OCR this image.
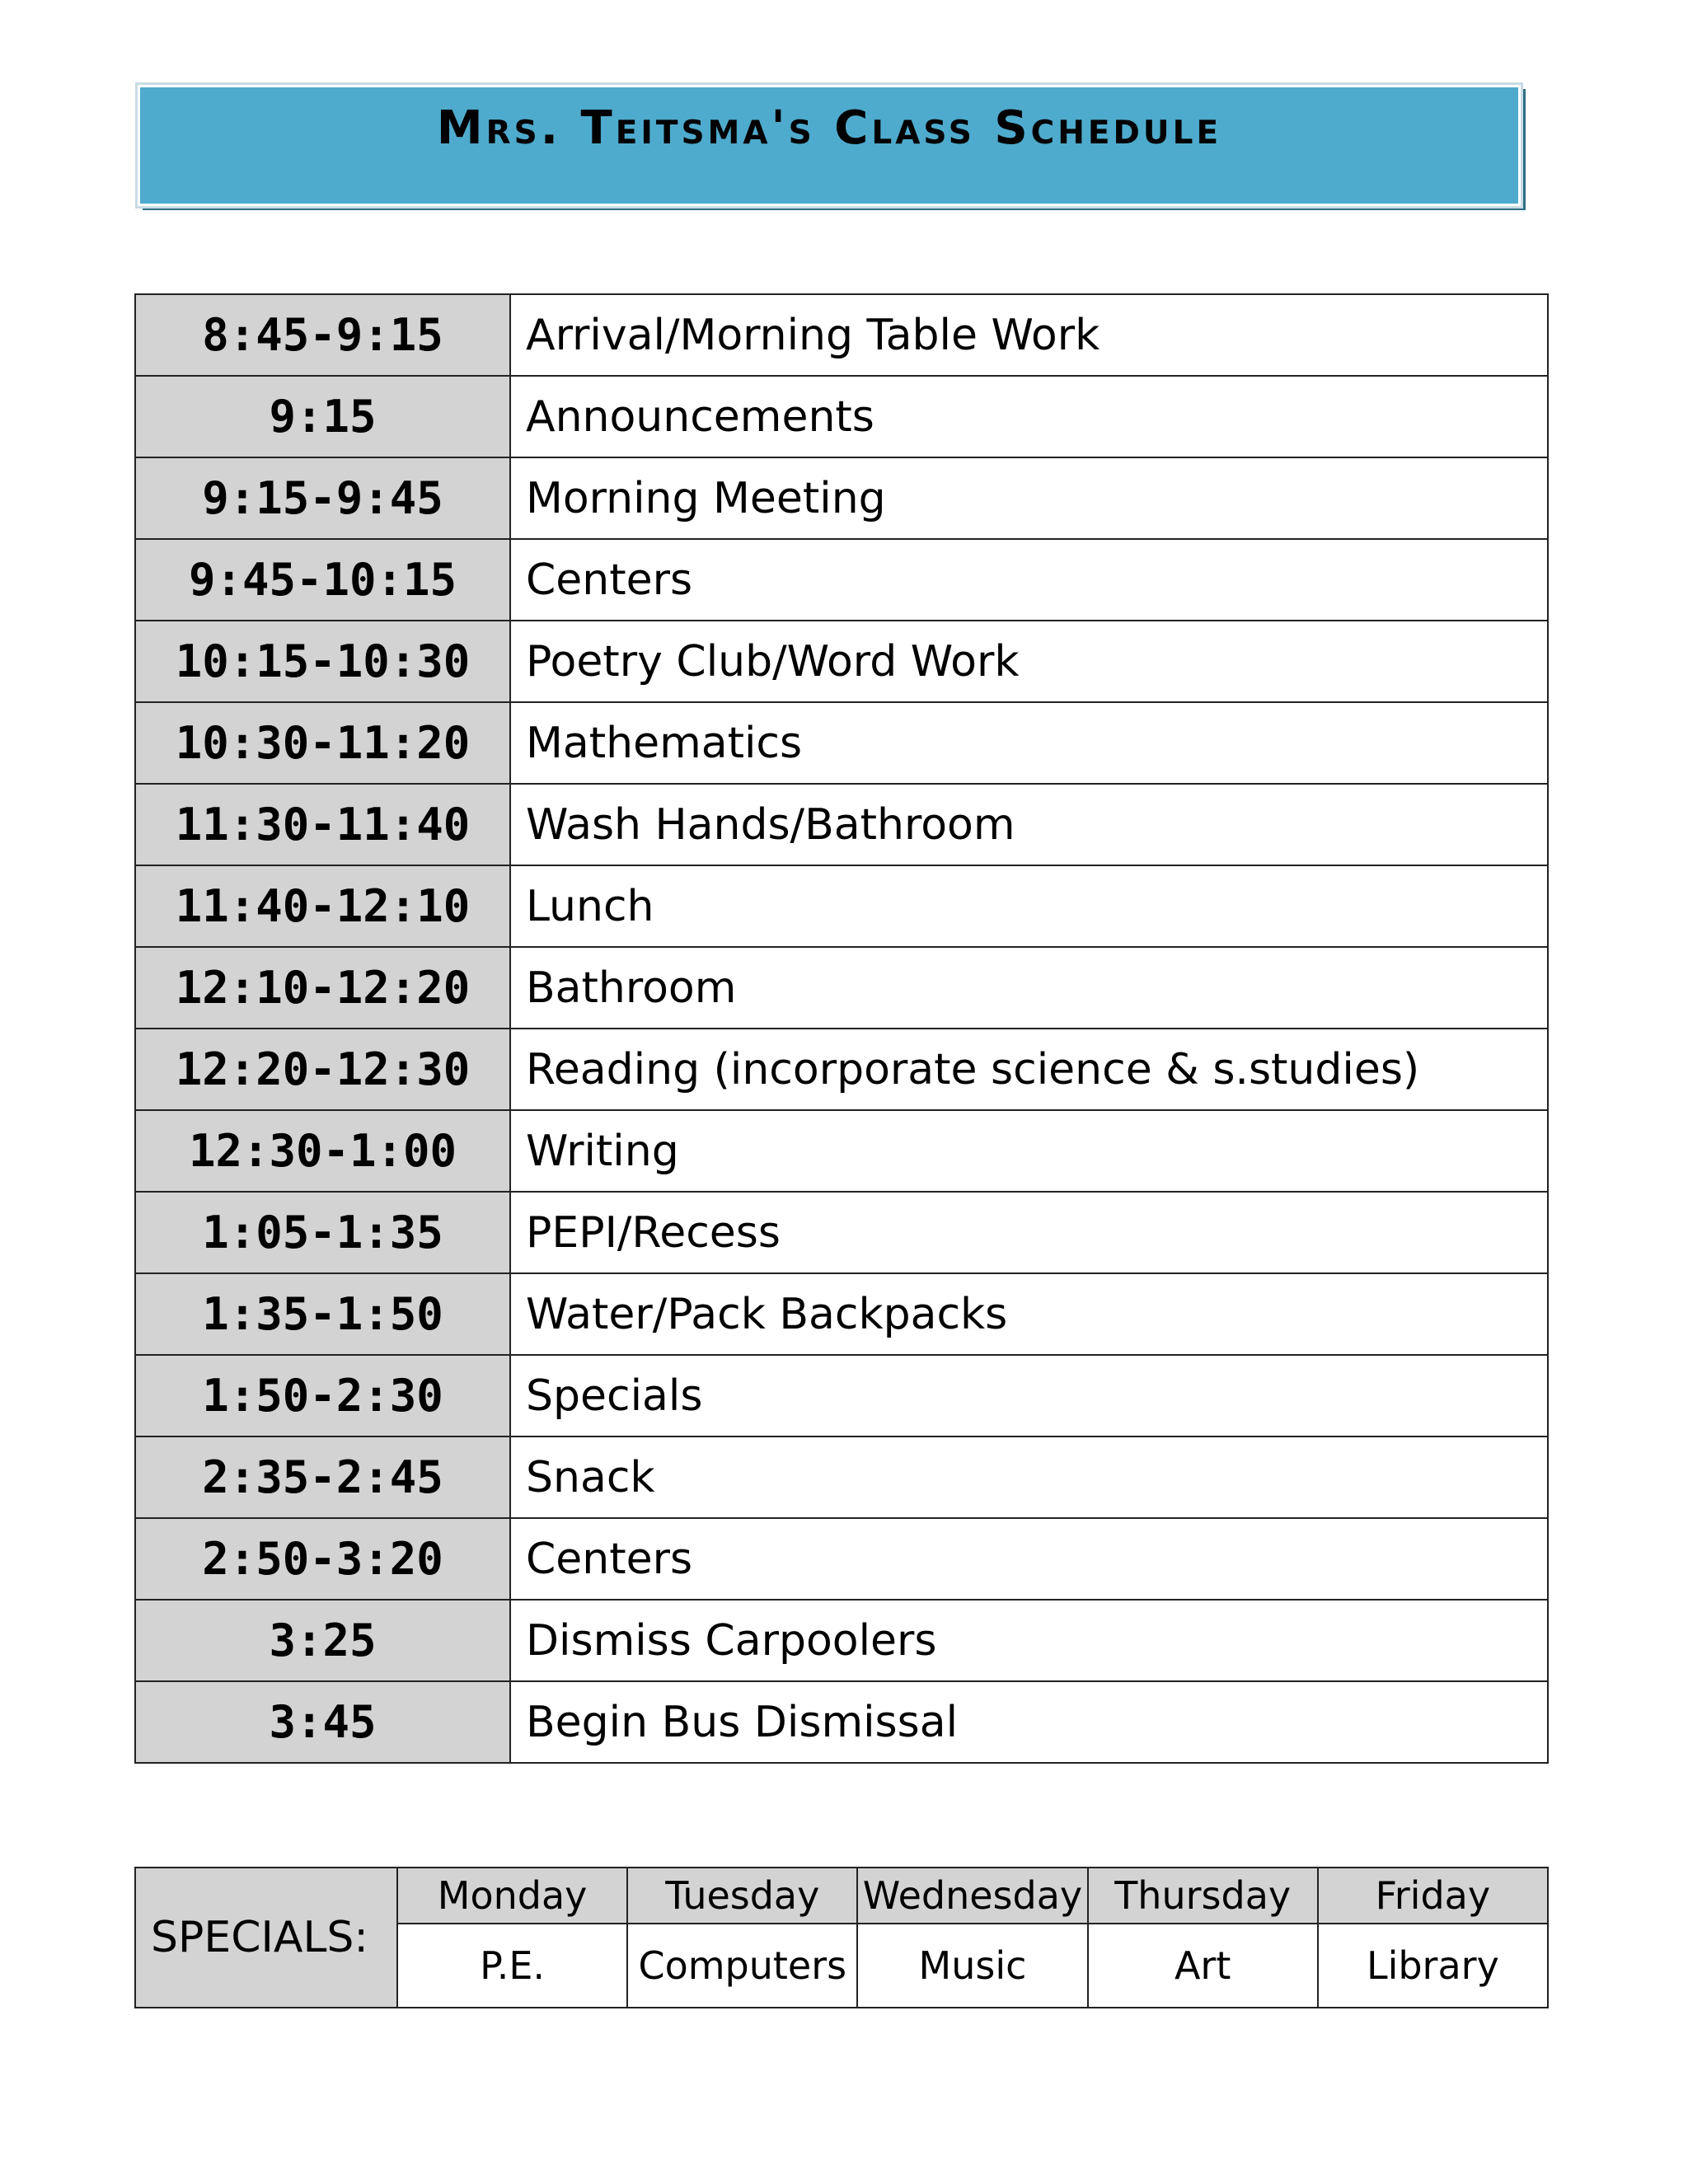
Mrs. Teitsma's Class Schedule
8:45-9:15	Arrival/Morning Table Work
9:15	Announcements
9:15-9:45	Morning Meeting
9:45-10:15	Centers
10:15-10:30	Poetry Club/Word Work
10:30-11:20	Mathematics
11:30-11:40	Wash Hands/Bathroom
11:40-12:10	Lunch
12:10-12:20	Bathroom
12:20-12:30	Reading (incorporate science & s.studies)
12:30-1:00	Writing
1:05-1:35	PEPI/Recess
1:35-1:50	Water/Pack Backpacks
1:50-2:30	Specials
2:35-2:45	Snack
2:50-3:20	Centers
3:25	Dismiss Carpoolers
3:45	Begin Bus Dismissal
SPECIALS:	Monday	Tuesday	Wednesday	Thursday	Friday
	P.E.	Computers	Music	Art	Library
